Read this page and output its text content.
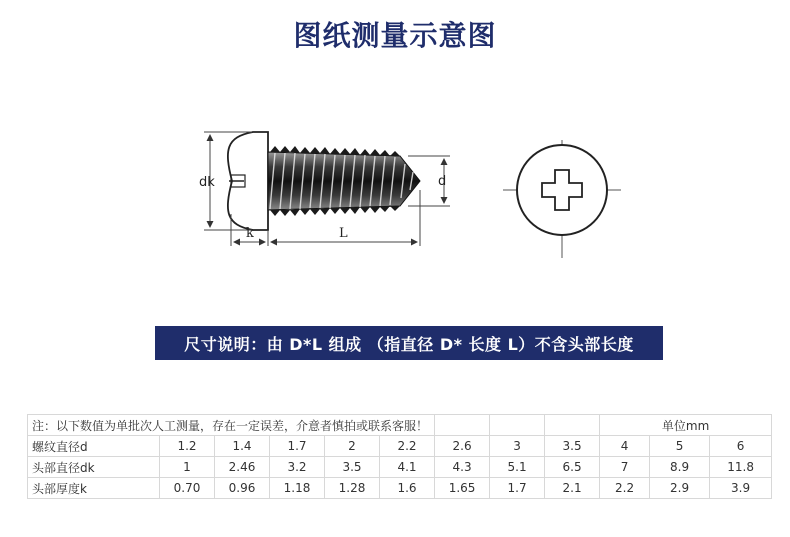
图纸测量示意图
dk	d
k	L
尺寸说明：由 D*L 组成 （指直径 D* 长度 L）不含头部长度
注：以下数值为单批次人工测量，存在一定误差，介意者慎拍或联系客服！									单位mm		
螺纹直径d	1.2	1.4	1.7	2	2.2	2.6	3	3.5	4	5	6
头部直径dk	1	2.46	3.2	3.5	4.1	4.3	5.1	6.5	7	8.9	11.8
头部厚度k	0.70	0.96	1.18	1.28	1.6	1.65	1.7	2.1	2.2	2.9	3.9
